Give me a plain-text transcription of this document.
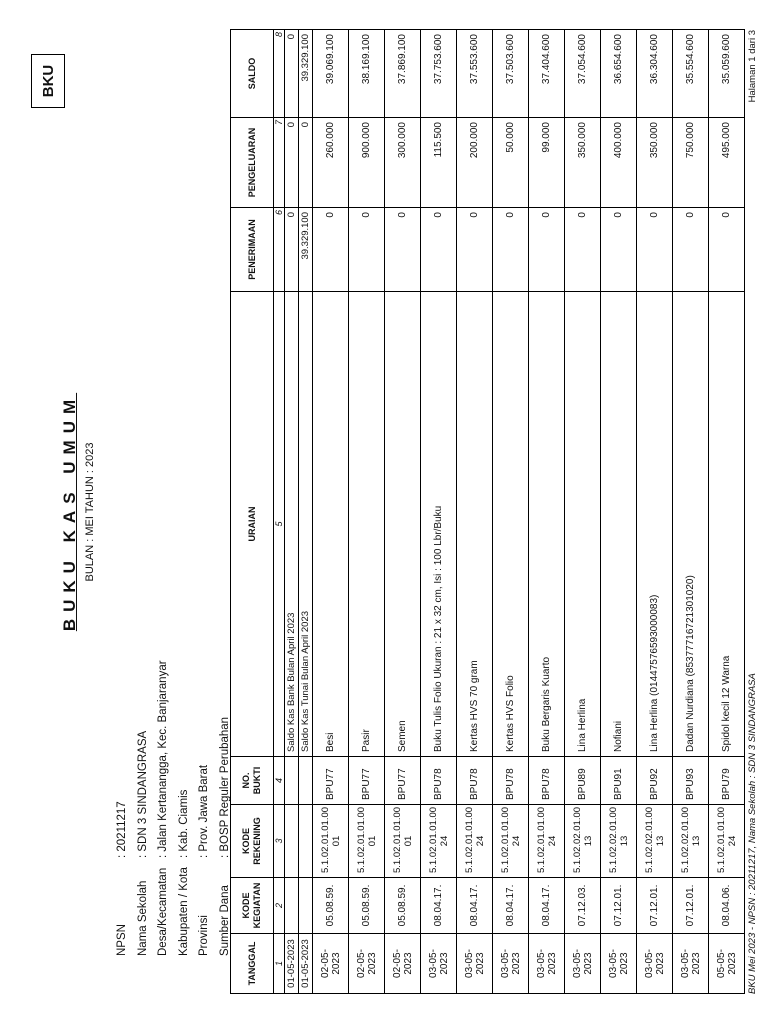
BKU
BUKU KAS UMUM BULAN : MEI TAHUN : 2023
NPSN
: 20211217
Nama Sekolah
: SDN 3 SINDANGRASA
Desa/Kecamatan
: Jalan Kertanangga, Kec. Banjaranyar
Kabupaten / Kota
: Kab. Ciamis
Provinsi
: Prov. Jawa Barat
Sumber Dana
: BOSP Reguler Perubahan
TANGGAL	KODE KEGIATAN	KODE REKENING	NO. BUKTI	URAIAN	PENERIMAAN	PENGELUARAN	SALDO
1	2	3	4	5	6	7	8
01-05-2023				Saldo Kas Bank Bulan April 2023	0	0	0
01-05-2023				Saldo Kas Tunai Bulan April 2023	39.329.100	0	39.329.100
02-05-2023	05.08.59.	5.1.02.01.01.00 01	BPU77	Besi	0	260.000	39.069.100
02-05-2023	05.08.59.	5.1.02.01.01.00 01	BPU77	Pasir	0	900.000	38.169.100
02-05-2023	05.08.59.	5.1.02.01.01.00 01	BPU77	Semen	0	300.000	37.869.100
03-05-2023	08.04.17.	5.1.02.01.01.00 24	BPU78	Buku Tulis Folio Ukuran : 21 x 32 cm, Isi : 100 Lbr/Buku	0	115.500	37.753.600
03-05-2023	08.04.17.	5.1.02.01.01.00 24	BPU78	Kertas HVS 70 gram	0	200.000	37.553.600
03-05-2023	08.04.17.	5.1.02.01.01.00 24	BPU78	Kertas HVS Folio	0	50.000	37.503.600
03-05-2023	08.04.17.	5.1.02.01.01.00 24	BPU78	Buku Bergaris Kuarto	0	99.000	37.404.600
03-05-2023	07.12.03.	5.1.02.02.01.00 13	BPU89	Lina Herlina	0	350.000	37.054.600
03-05-2023	07.12.01.	5.1.02.02.01.00 13	BPU91	Nofiani	0	400.000	36.654.600
03-05-2023	07.12.01.	5.1.02.02.01.00 13	BPU92	Lina Herlina (01447576593000083)	0	350.000	36.304.600
03-05-2023	07.12.01.	5.1.02.02.01.00 13	BPU93	Dadan Nurdiana (85377716721301020)	0	750.000	35.554.600
05-05-2023	08.04.06.	5.1.02.01.01.00 24	BPU79	Spidol kecil 12 Warna	0	495.000	35.059.600
BKU Mei 2023 - NPSN : 20211217, Nama Sekolah : SDN 3 SINDANGRASA
Halaman 1 dari 3
